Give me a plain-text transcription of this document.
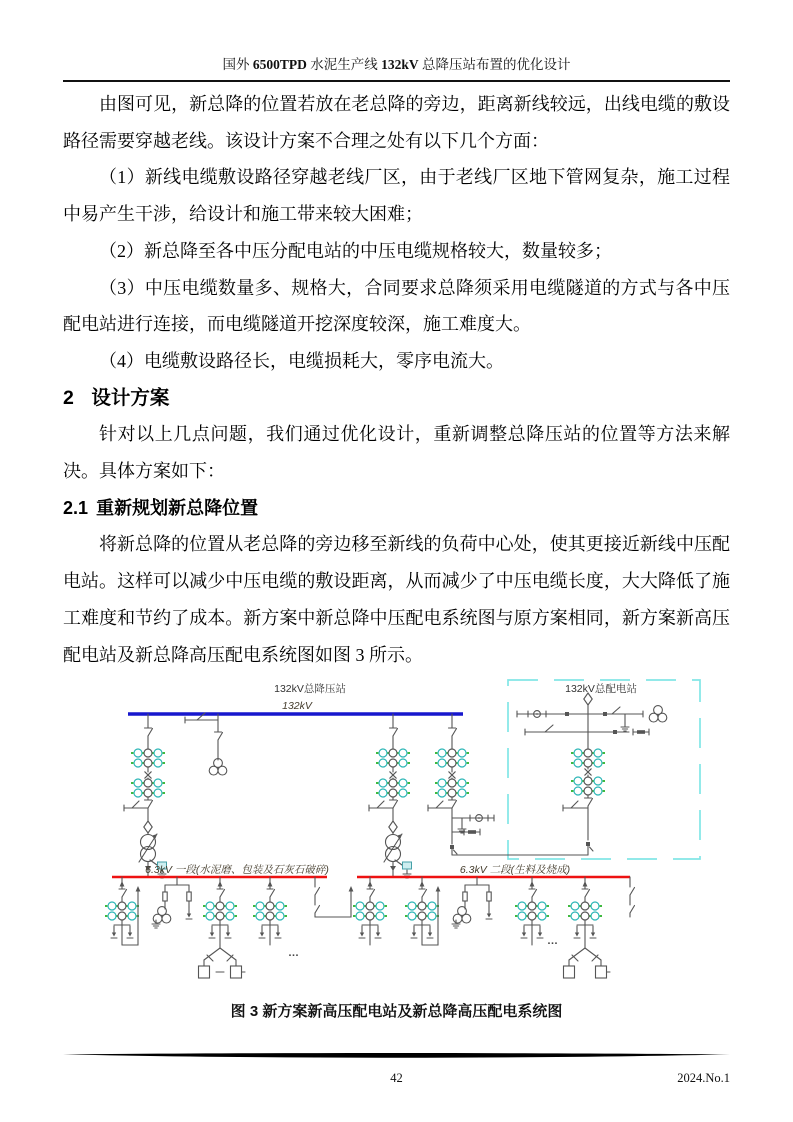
国外 6500TPD 水泥生产线 132kV 总降压站布置的优化设计

由图可见，新总降的位置若放在老总降的旁边，距离新线较远，出线电缆的敷设路径需要穿越老线。该设计方案不合理之处有以下几个方面：

（1）新线电缆敷设路径穿越老线厂区，由于老线厂区地下管网复杂，施工过程中易产生干涉，给设计和施工带来较大困难；

（2）新总降至各中压分配电站的中压电缆规格较大，数量较多；

（3）中压电缆数量多、规格大，合同要求总降须采用电缆隧道的方式与各中压配电站进行连接，而电缆隧道开挖深度较深，施工难度大。

（4）电缆敷设路径长，电缆损耗大，零序电流大。

2 设计方案

针对以上几点问题，我们通过优化设计，重新调整总降压站的位置等方法来解决。具体方案如下：

2.1 重新规划新总降位置

将新总降的位置从老总降的旁边移至新线的负荷中心处，使其更接近新线中压配电站。这样可以减少中压电缆的敷设距离，从而减少了中压电缆长度，大大降低了施工难度和节约了成本。新方案中新总降中压配电系统图与原方案相同，新方案新高压配电站及新总降高压配电系统图如图 3 所示。

132kV总降压站
132kV
132kV总配电站
6.3kV 一段(水泥磨、包装及石灰石破碎)	6.3kV 二段(生料及烧成)
…
…
图 3 新方案新高压配电站及新总降高压配电系统图
42	2024.No.1
